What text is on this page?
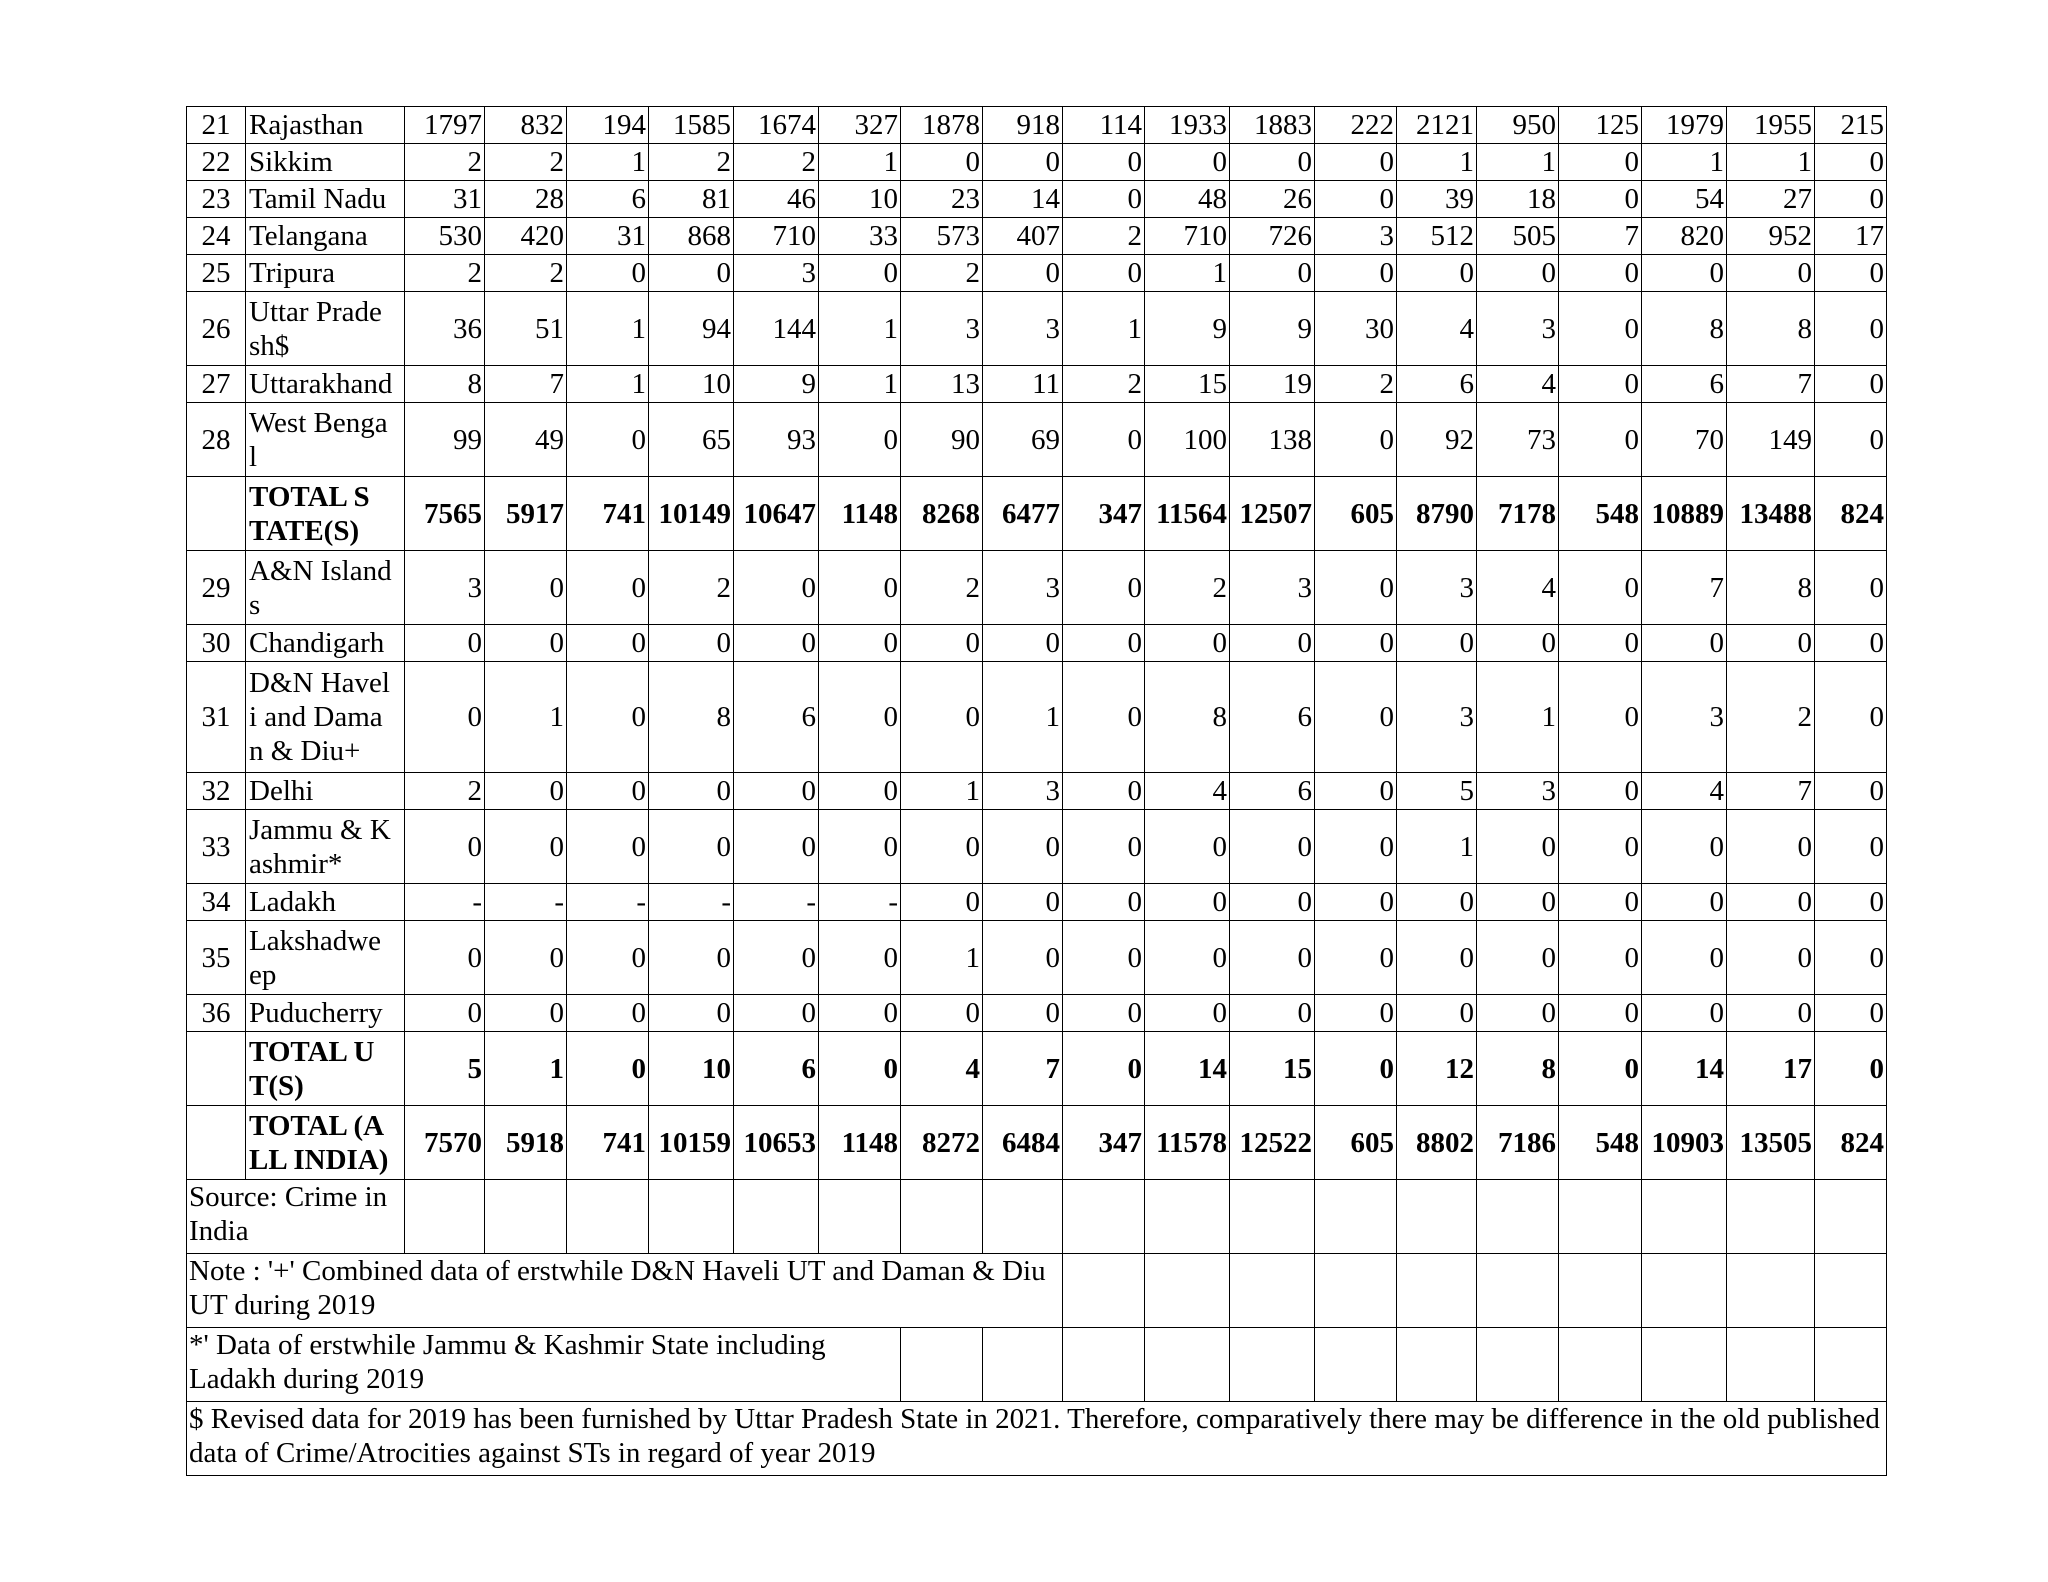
21	Rajasthan	1797	832	194	1585	1674	327	1878	918	114	1933	1883	222	2121	950	125	1979	1955	215
22	Sikkim	2	2	1	2	2	1	0	0	0	0	0	0	1	1	0	1	1	0
23	Tamil Nadu	31	28	6	81	46	10	23	14	0	48	26	0	39	18	0	54	27	0
24	Telangana	530	420	31	868	710	33	573	407	2	710	726	3	512	505	7	820	952	17
25	Tripura	2	2	0	0	3	0	2	0	0	1	0	0	0	0	0	0	0	0
26	Uttar Prade sh$	36	51	1	94	144	1	3	3	1	9	9	30	4	3	0	8	8	0
27	Uttarakhand	8	7	1	10	9	1	13	11	2	15	19	2	6	4	0	6	7	0
28	West Benga l	99	49	0	65	93	0	90	69	0	100	138	0	92	73	0	70	149	0
	TOTAL S TATE(S)	7565	5917	741	10149	10647	1148	8268	6477	347	11564	12507	605	8790	7178	548	10889	13488	824
29	A&N Island s	3	0	0	2	0	0	2	3	0	2	3	0	3	4	0	7	8	0
30	Chandigarh	0	0	0	0	0	0	0	0	0	0	0	0	0	0	0	0	0	0
31	D&N Havel i and Dama n & Diu+	0	1	0	8	6	0	0	1	0	8	6	0	3	1	0	3	2	0
32	Delhi	2	0	0	0	0	0	1	3	0	4	6	0	5	3	0	4	7	0
33	Jammu & K ashmir*	0	0	0	0	0	0	0	0	0	0	0	0	1	0	0	0	0	0
34	Ladakh	-	-	-	-	-	-	0	0	0	0	0	0	0	0	0	0	0	0
35	Lakshadwe ep	0	0	0	0	0	0	1	0	0	0	0	0	0	0	0	0	0	0
36	Puducherry	0	0	0	0	0	0	0	0	0	0	0	0	0	0	0	0	0	0
	TOTAL U T(S)	5	1	0	10	6	0	4	7	0	14	15	0	12	8	0	14	17	0
	TOTAL (A LL INDIA)	7570	5918	741	10159	10653	1148	8272	6484	347	11578	12522	605	8802	7186	548	10903	13505	824
Source: Crime in India																			
Note : '+' Combined data of erstwhile D&N Haveli UT and Daman & Diu UT during 2019																			
*' Data of erstwhile Jammu & Kashmir State including Ladakh during 2019																			
$ Revised data for 2019 has been furnished by Uttar Pradesh State in 2021. Therefore, comparatively there may be difference in the old published data of Crime/Atrocities against STs in regard of year 2019																			
